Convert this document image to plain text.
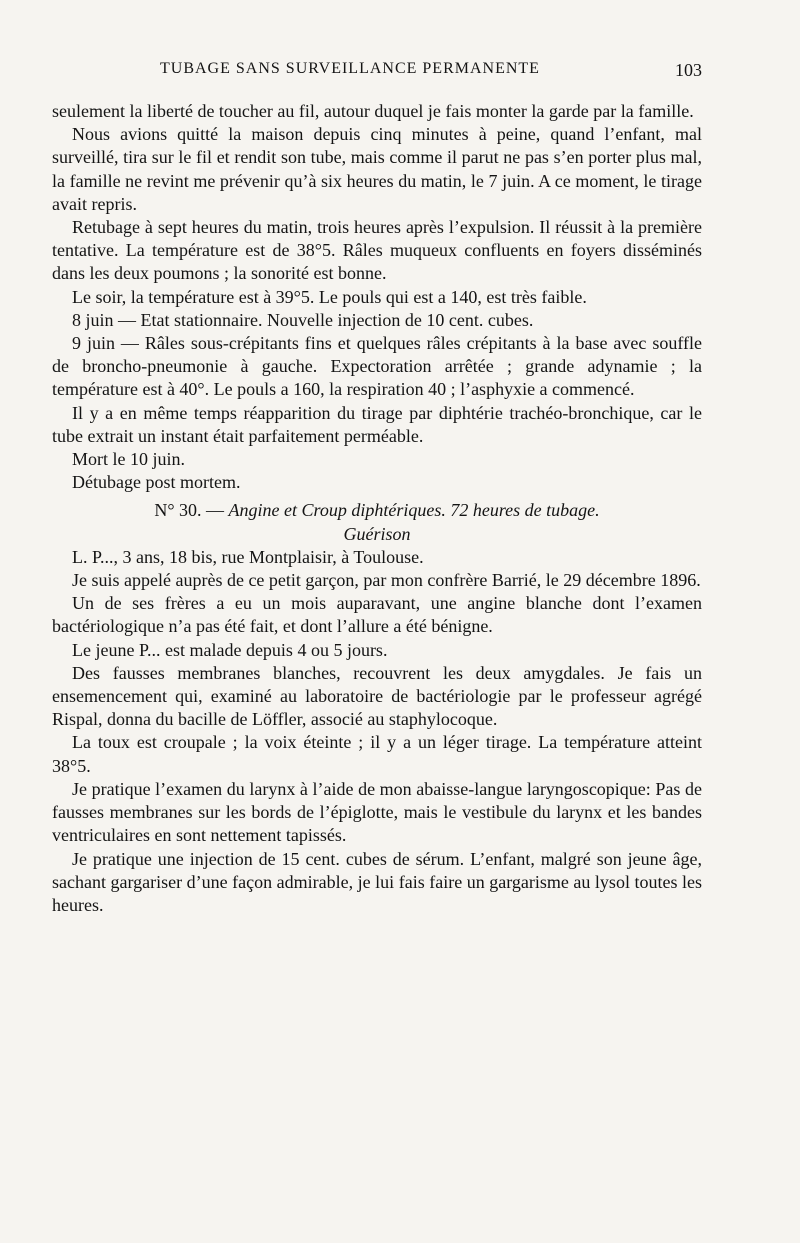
TUBAGE SANS SURVEILLANCE PERMANENTE	103

seulement la liberté de toucher au fil, autour duquel je fais monter la garde par la famille.

Nous avions quitté la maison depuis cinq minutes à peine, quand l’enfant, mal surveillé, tira sur le fil et rendit son tube, mais comme il parut ne pas s’en porter plus mal, la famille ne revint me prévenir qu’à six heures du matin, le 7 juin. A ce moment, le tirage avait repris.

Retubage à sept heures du matin, trois heures après l’expulsion. Il réussit à la première tentative. La température est de 38°5. Râles muqueux confluents en foyers disséminés dans les deux poumons ; la sonorité est bonne.

Le soir, la température est à 39°5. Le pouls qui est a 140, est très faible.

8 juin — Etat stationnaire. Nouvelle injection de 10 cent. cubes.

9 juin — Râles sous-crépitants fins et quelques râles crépitants à la base avec souffle de broncho-pneumonie à gauche. Expectoration arrêtée ; grande adynamie ; la température est à 40°. Le pouls a 160, la respiration 40 ; l’asphyxie a commencé.

Il y a en même temps réapparition du tirage par diphtérie trachéo-bronchique, car le tube extrait un instant était parfaitement perméable.

Mort le 10 juin.

Détubage post mortem.

N° 30. — Angine et Croup diphtériques. 72 heures de tubage.
Guérison

L. P..., 3 ans, 18 bis, rue Montplaisir, à Toulouse.

Je suis appelé auprès de ce petit garçon, par mon confrère Barrié, le 29 décembre 1896.

Un de ses frères a eu un mois auparavant, une angine blanche dont l’examen bactériologique n’a pas été fait, et dont l’allure a été bénigne.

Le jeune P... est malade depuis 4 ou 5 jours.

Des fausses membranes blanches, recouvrent les deux amygdales. Je fais un ensemencement qui, examiné au laboratoire de bactériologie par le professeur agrégé Rispal, donna du bacille de Löffler, associé au staphylocoque.

La toux est croupale ; la voix éteinte ; il y a un léger tirage. La température atteint 38°5.

Je pratique l’examen du larynx à l’aide de mon abaisse-langue laryngoscopique: Pas de fausses membranes sur les bords de l’épiglotte, mais le vestibule du larynx et les bandes ventriculaires en sont nettement tapissés.

Je pratique une injection de 15 cent. cubes de sérum. L’enfant, malgré son jeune âge, sachant gargariser d’une façon admirable, je lui fais faire un gargarisme au lysol toutes les heures.
